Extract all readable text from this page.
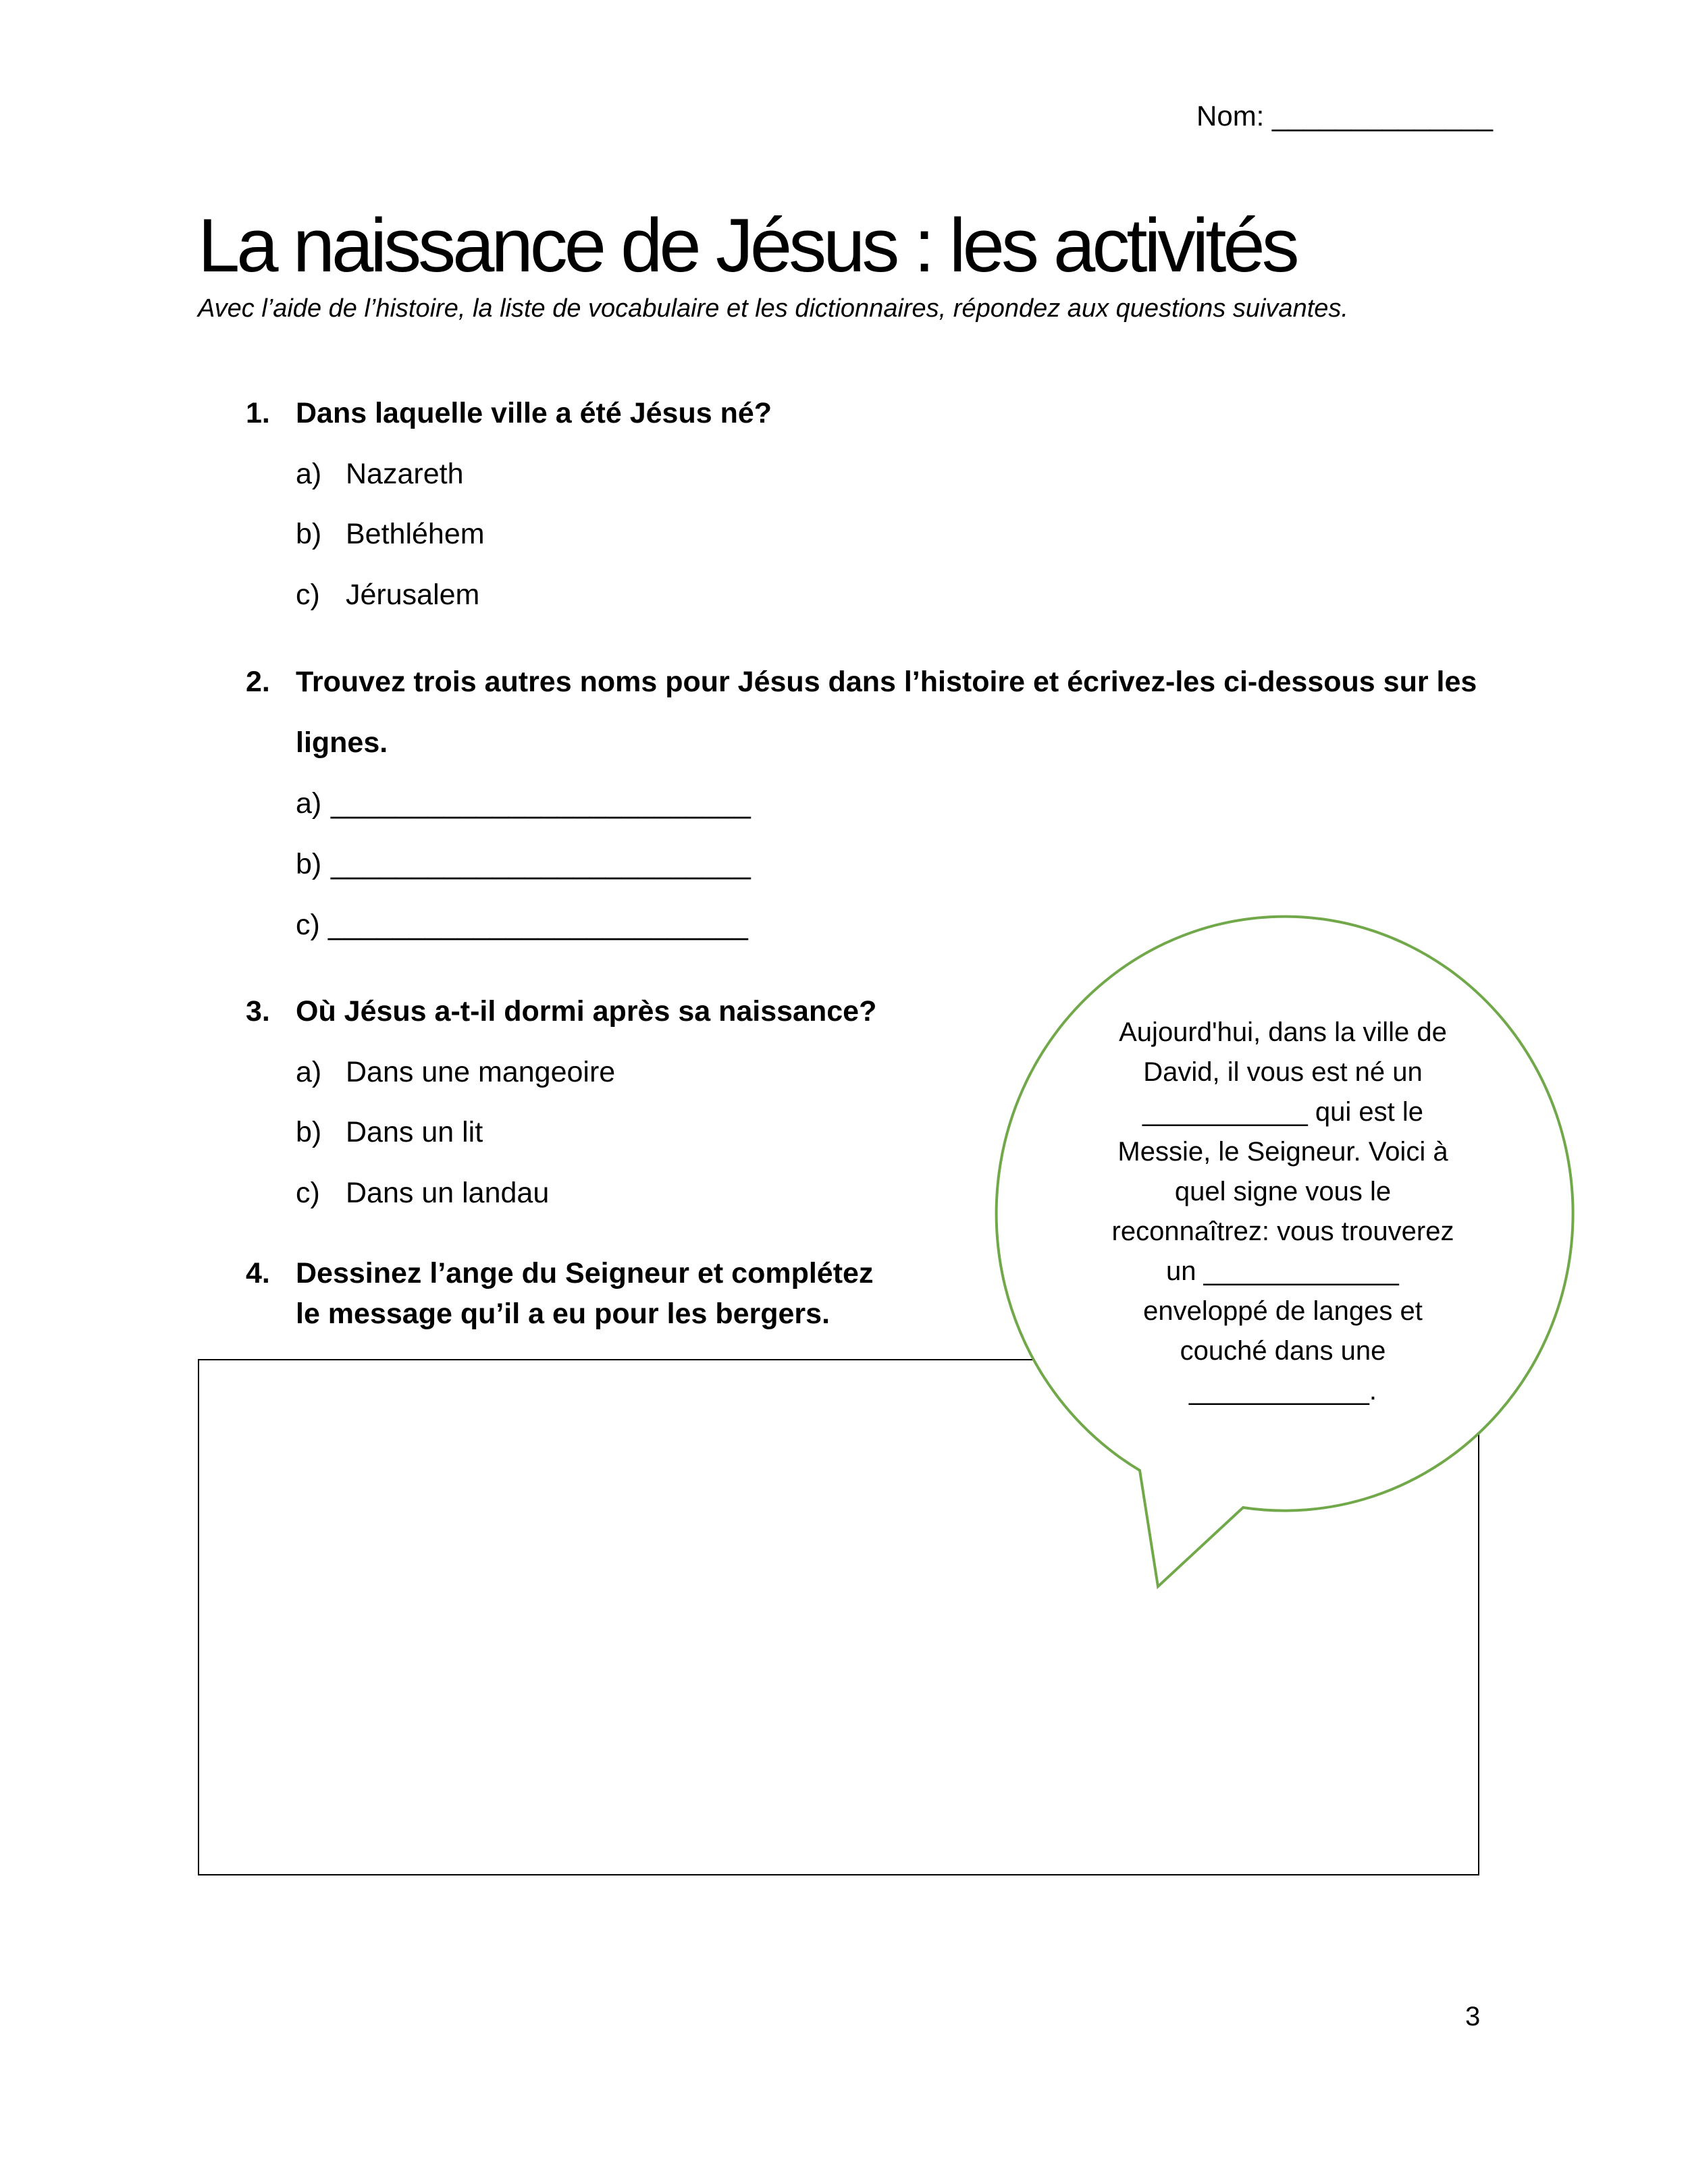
Nom: ______________
La naissance de Jésus : les activités
Avec l’aide de l’histoire, la liste de vocabulaire et les dictionnaires, répondez aux questions suivantes.
1. Dans laquelle ville a été Jésus né?
a) Nazareth
b) Bethléhem
c) Jérusalem
2. Trouvez trois autres noms pour Jésus dans l’histoire et écrivez-les ci-dessous sur les
lignes.
a) __________________________
b) __________________________
c) __________________________
3. Où Jésus a-t-il dormi après sa naissance?
a) Dans une mangeoire
b) Dans un lit
c) Dans un landau
4. Dessinez l’ange du Seigneur et complétez
le message qu’il a eu pour les bergers.
Aujourd'hui, dans la ville de
David, il vous est né un
___________ qui est le
Messie, le Seigneur. Voici à
quel signe vous le
reconnaîtrez: vous trouverez
un _____________
enveloppé de langes et
couché dans une
____________.
3
